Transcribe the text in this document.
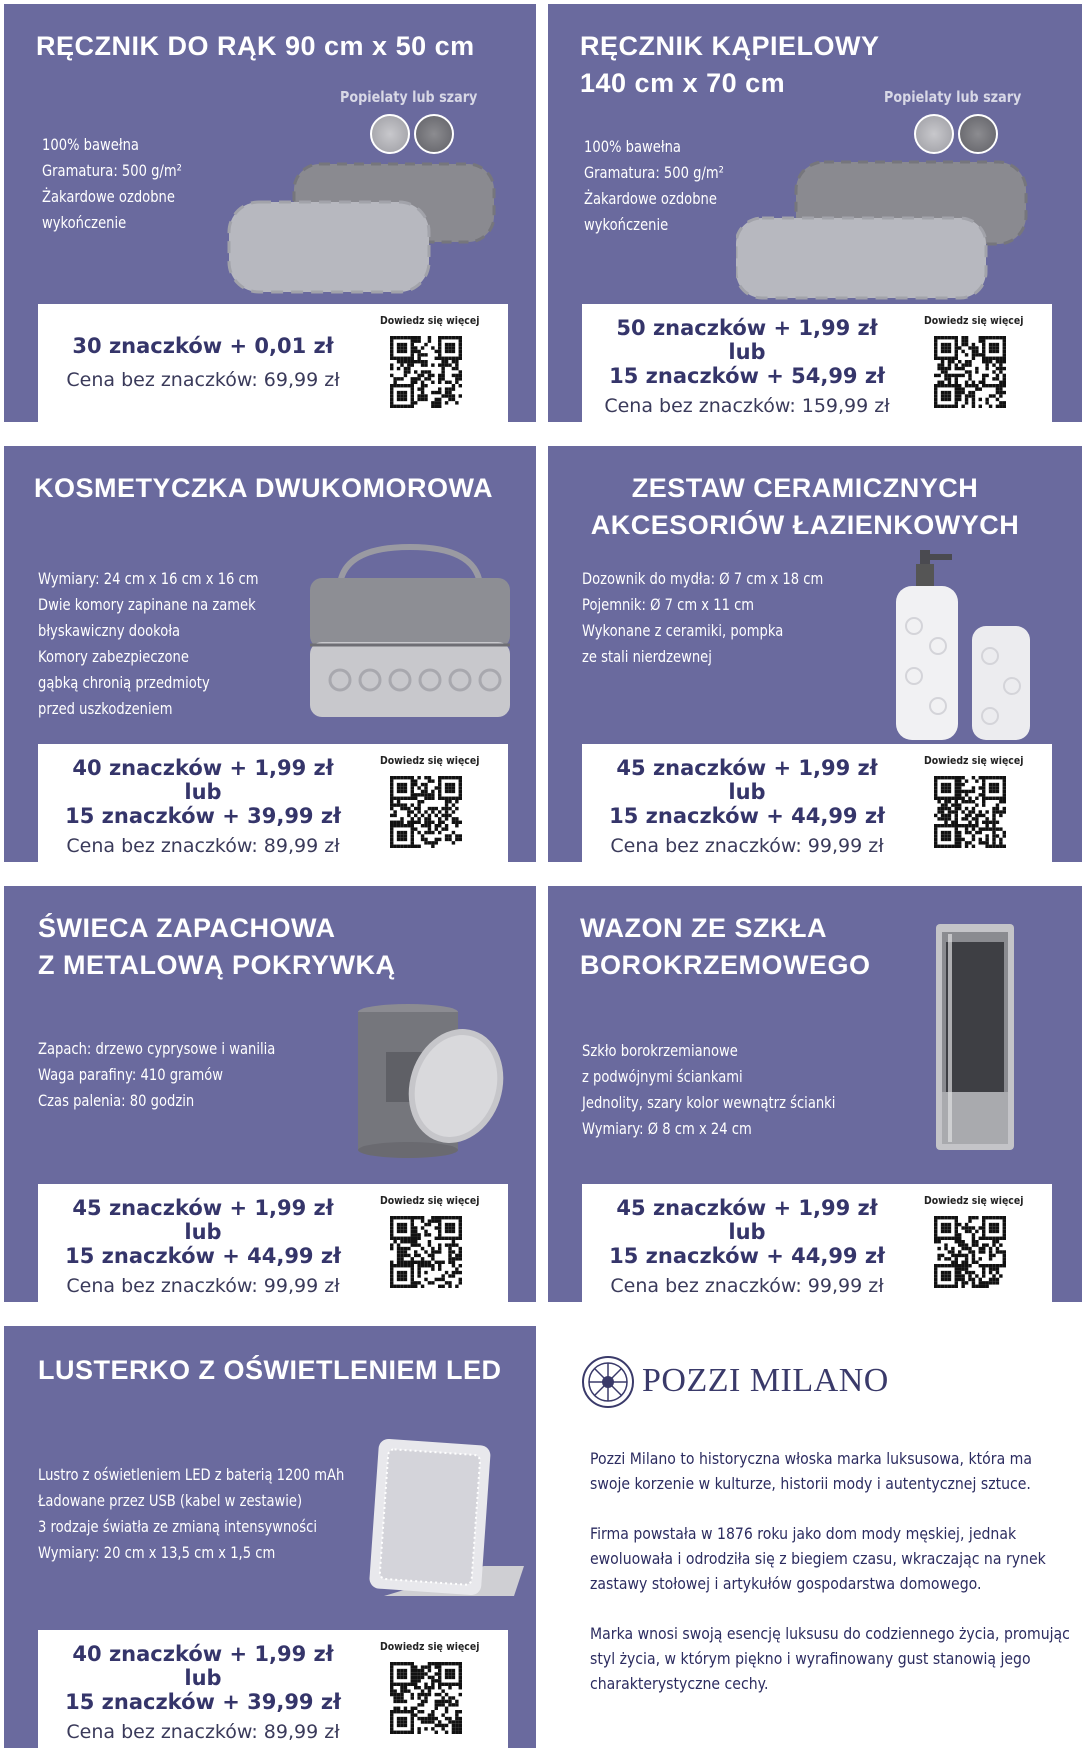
RĘCZNIK DO RĄK 90 cm x 50 cm
Popielaty lub szary
100% bawełna
Gramatura: 500 g/m²
Żakardowe ozdobne
wykończenie
30 znaczków + 0,01 zł
Cena bez znaczków: 69,99 zł
Dowiedz się więcej
RĘCZNIK KĄPIELOWY
140 cm x 70 cm	Popielaty lub szary
100% bawełna
Gramatura: 500 g/m²
Żakardowe ozdobne
wykończenie
50 znaczków + 1,99 zł
lub
15 znaczków + 54,99 zł
Cena bez znaczków: 159,99 zł
Dowiedz się więcej
KOSMETYCZKA DWUKOMOROWA
Wymiary: 24 cm x 16 cm x 16 cm
Dwie komory zapinane na zamek
błyskawiczny dookoła
Komory zabezpieczone
gąbką chronią przedmioty
przed uszkodzeniem
40 znaczków + 1,99 zł
lub
15 znaczków + 39,99 zł
Cena bez znaczków: 89,99 zł
Dowiedz się więcej
ZESTAW CERAMICZNYCH
AKCESORIÓW ŁAZIENKOWYCH
Dozownik do mydła: Ø 7 cm x 18 cm
Pojemnik: Ø 7 cm x 11 cm
Wykonane z ceramiki, pompka
ze stali nierdzewnej
45 znaczków + 1,99 zł
lub
15 znaczków + 44,99 zł
Cena bez znaczków: 99,99 zł
Dowiedz się więcej
ŚWIECA ZAPACHOWA
Z METALOWĄ POKRYWKĄ
Zapach: drzewo cyprysowe i wanilia
Waga parafiny: 410 gramów
Czas palenia: 80 godzin
45 znaczków + 1,99 zł
lub
15 znaczków + 44,99 zł
Cena bez znaczków: 99,99 zł
Dowiedz się więcej
WAZON ZE SZKŁA
BOROKRZEMOWEGO
Szkło borokrzemianowe
z podwójnymi ściankami
Jednolity, szary kolor wewnątrz ścianki
Wymiary: Ø 8 cm x 24 cm
45 znaczków + 1,99 zł
lub
15 znaczków + 44,99 zł
Cena bez znaczków: 99,99 zł
Dowiedz się więcej
LUSTERKO Z OŚWIETLENIEM LED
Lustro z oświetleniem LED z baterią 1200 mAh
Ładowane przez USB (kabel w zestawie)
3 rodzaje światła ze zmianą intensywności
Wymiary: 20 cm x 13,5 cm x 1,5 cm
40 znaczków + 1,99 zł
lub
15 znaczków + 39,99 zł
Cena bez znaczków: 89,99 zł
Dowiedz się więcej
POZZI MILANO

Pozzi Milano to historyczna włoska marka luksusowa, która ma
swoje korzenie w kulturze, historii mody i autentycznej sztuce.

Firma powstała w 1876 roku jako dom mody męskiej, jednak
ewoluowała i odrodziła się z biegiem czasu, wkraczając na rynek
zastawy stołowej i artykułów gospodarstwa domowego.

Marka wnosi swoją esencję luksusu do codziennego życia, promując
styl życia, w którym piękno i wyrafinowany gust stanowią jego
charakterystyczne cechy.
